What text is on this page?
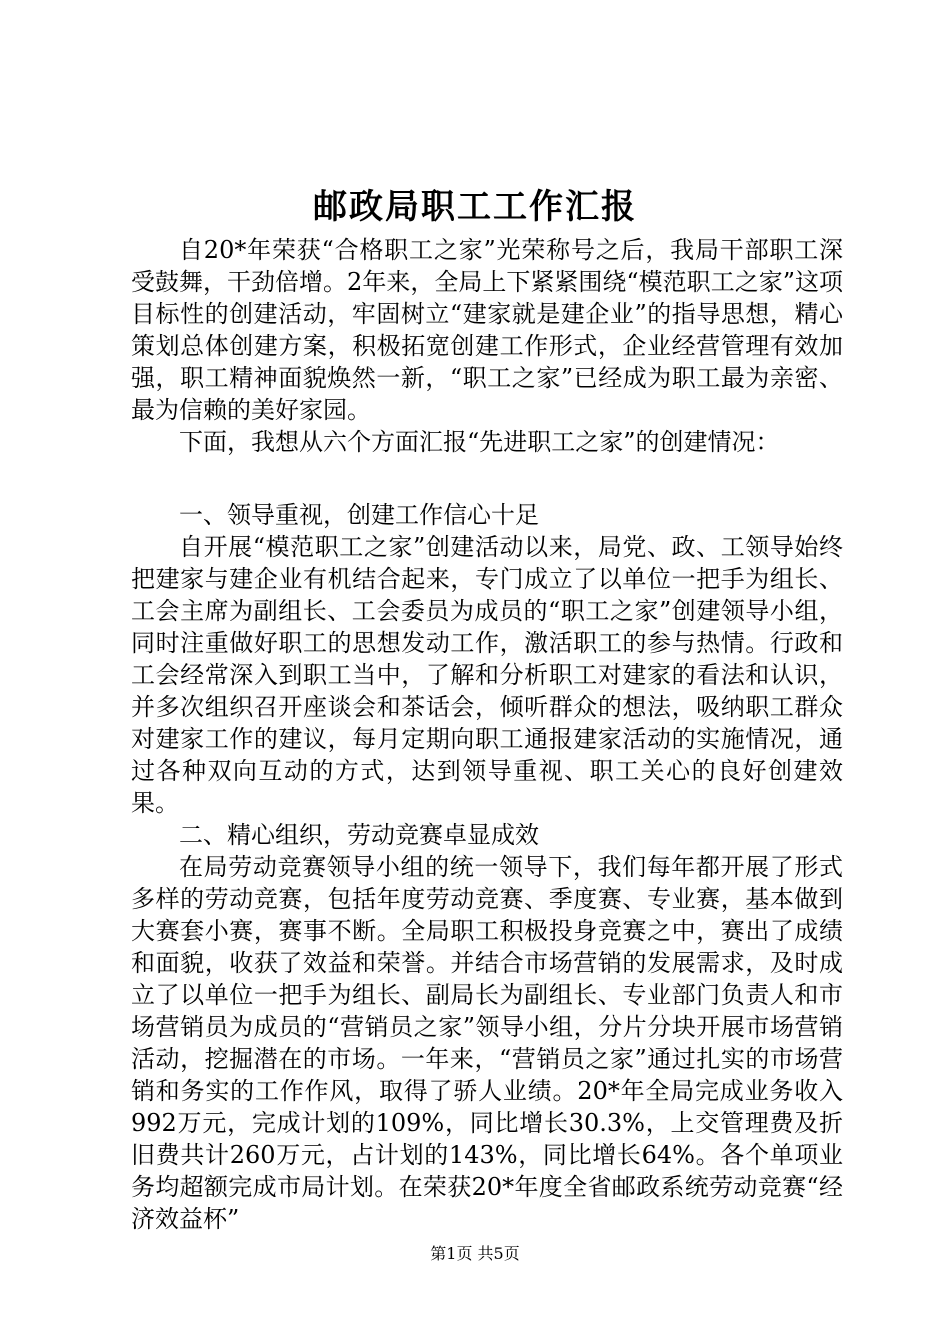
邮政局职工工作汇报

自20*年荣获“合格职工之家”光荣称号之后，我局干部职工深受鼓舞，干劲倍增。2年来，全局上下紧紧围绕“模范职工之家”这项目标性的创建活动，牢固树立“建家就是建企业”的指导思想，精心策划总体创建方案，积极拓宽创建工作形式，企业经营管理有效加强，职工精神面貌焕然一新，“职工之家”已经成为职工最为亲密、最为信赖的美好家园。

下面，我想从六个方面汇报“先进职工之家”的创建情况：

一、领导重视，创建工作信心十足

自开展“模范职工之家”创建活动以来，局党、政、工领导始终把建家与建企业有机结合起来，专门成立了以单位一把手为组长、工会主席为副组长、工会委员为成员的“职工之家”创建领导小组，同时注重做好职工的思想发动工作，激活职工的参与热情。行政和工会经常深入到职工当中，了解和分析职工对建家的看法和认识，并多次组织召开座谈会和茶话会，倾听群众的想法，吸纳职工群众对建家工作的建议，每月定期向职工通报建家活动的实施情况，通过各种双向互动的方式，达到领导重视、职工关心的良好创建效果。

二、精心组织，劳动竞赛卓显成效

在局劳动竞赛领导小组的统一领导下，我们每年都开展了形式多样的劳动竞赛，包括年度劳动竞赛、季度赛、专业赛，基本做到大赛套小赛，赛事不断。全局职工积极投身竞赛之中，赛出了成绩和面貌，收获了效益和荣誉。并结合市场营销的发展需求，及时成立了以单位一把手为组长、副局长为副组长、专业部门负责人和市场营销员为成员的“营销员之家”领导小组，分片分块开展市场营销活动，挖掘潜在的市场。一年来，“营销员之家”通过扎实的市场营销和务实的工作作风，取得了骄人业绩。20*年全局完成业务收入992万元，完成计划的109%，同比增长30.3%，上交管理费及折旧费共计260万元，占计划的143%，同比增长64%。各个单项业务均超额完成市局计划。在荣获20*年度全省邮政系统劳动竞赛“经济效益杯”

第1页 共5页
